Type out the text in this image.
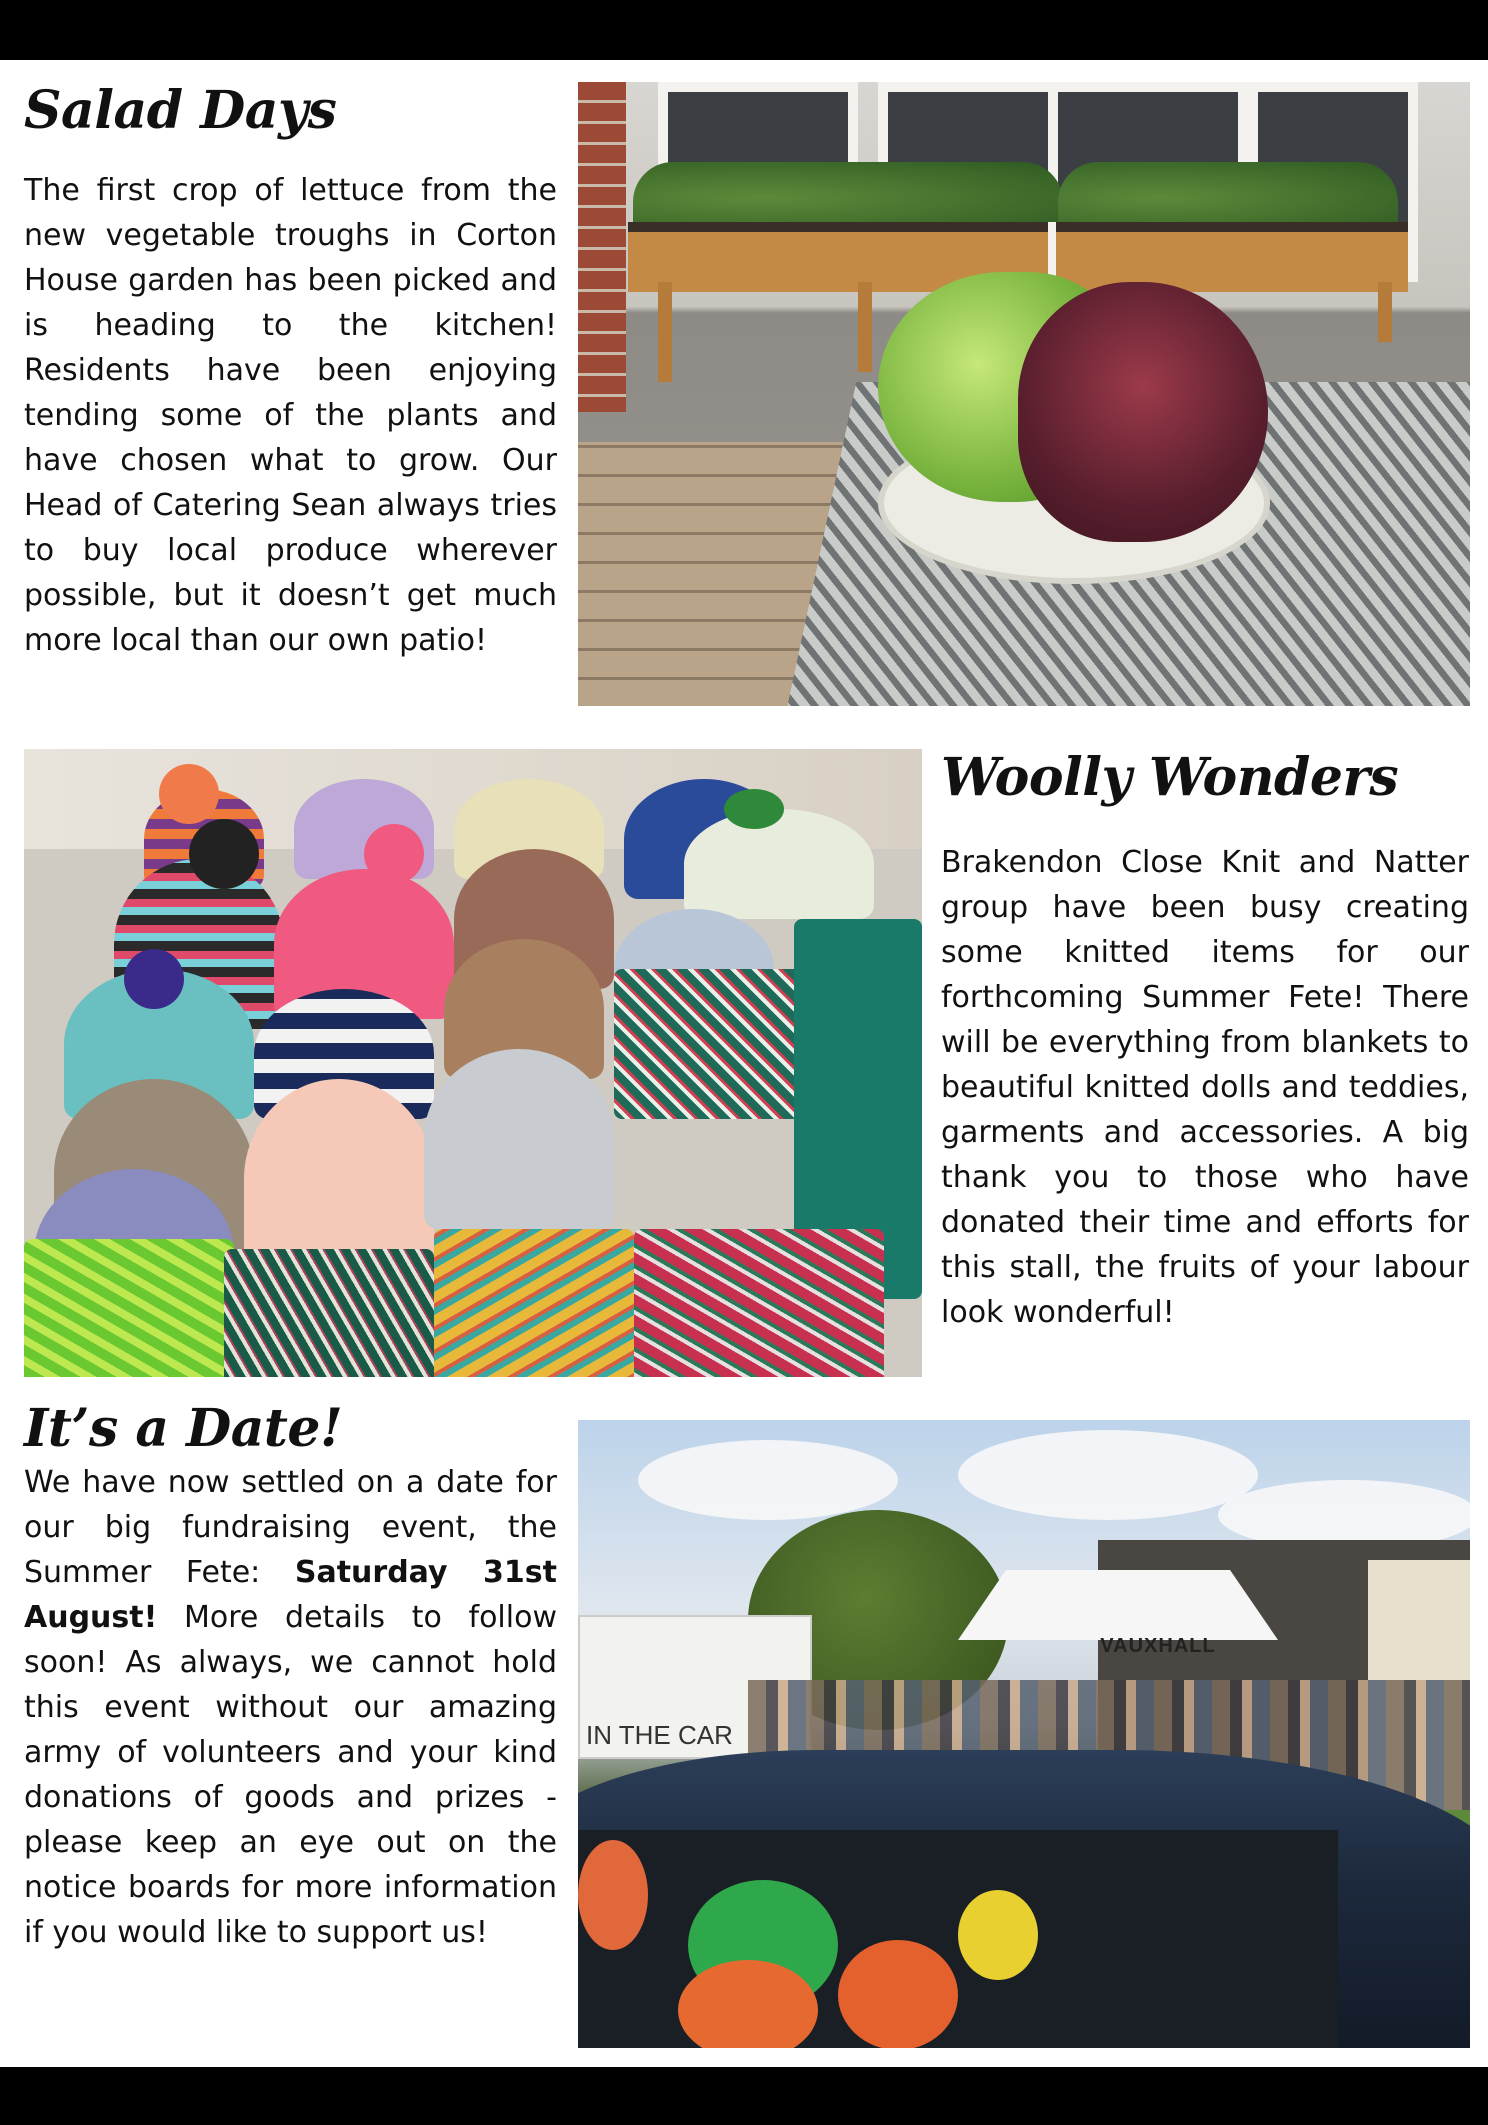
Salad Days

The first crop of lettuce from the new vegetable troughs in Corton House garden has been picked and is heading to the kitchen! Residents have been enjoying tending some of the plants and have chosen what to grow. Our Head of Catering Sean always tries to buy local produce wherever possible, but it doesn’t get much more local than our own patio!

Woolly Wonders

Brakendon Close Knit and Natter group have been busy creating some knitted items for our forthcoming Summer Fete! There will be everything from blankets to beautiful knitted dolls and teddies, garments and accessories. A big thank you to those who have donated their time and efforts for this stall, the fruits of your labour look wonderful!

It’s a Date!

We have now settled on a date for our big fundraising event, the Summer Fete: Saturday 31st August! More details to follow soon! As always, we cannot hold this event without our amazing army of volunteers and your kind donations of goods and prizes - please keep an eye out on the notice boards for more information if you would like to support us!

VAUXHALL
IN THE CAR
